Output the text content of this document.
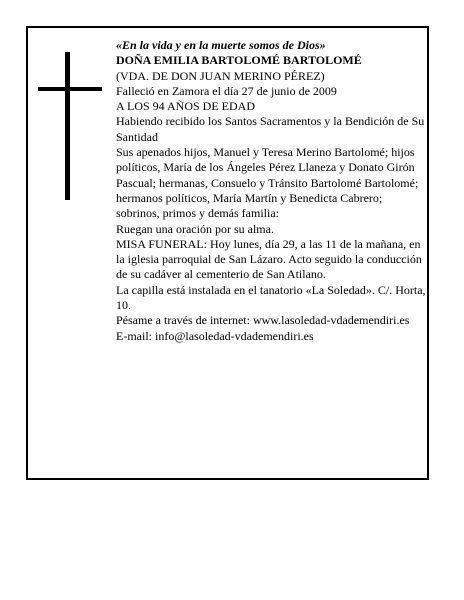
«En la vida y en la muerte somos de Dios»

DOÑA EMILIA BARTOLOMÉ BARTOLOMÉ

(VDA. DE DON JUAN MERINO PÉREZ)

Falleció en Zamora el día 27 de junio de 2009

A LOS 94 AÑOS DE EDAD

Habiendo recibido los Santos Sacramentos y la Bendición de Su Santidad

Sus apenados hijos, Manuel y Teresa Merino Bartolomé; hijos políticos, María de los Ángeles Pérez Llaneza y Donato Girón Pascual; hermanas, Consuelo y Tránsito Bartolomé Bartolomé; hermanos políticos, María Martín y Benedicta Cabrero; sobrinos, primos y demás familia:

Ruegan una oración por su alma.

MISA FUNERAL: Hoy lunes, día 29, a las 11 de la mañana, en la iglesia parroquial de San Lázaro. Acto seguido la conducción de su cadáver al cementerio de San Atilano.

La capilla está instalada en el tanatorio «La Soledad». C/. Horta, 10.

Pésame a través de internet: www.lasoledad-vdademendiri.es

E-mail: info@lasoledad-vdademendiri.es
